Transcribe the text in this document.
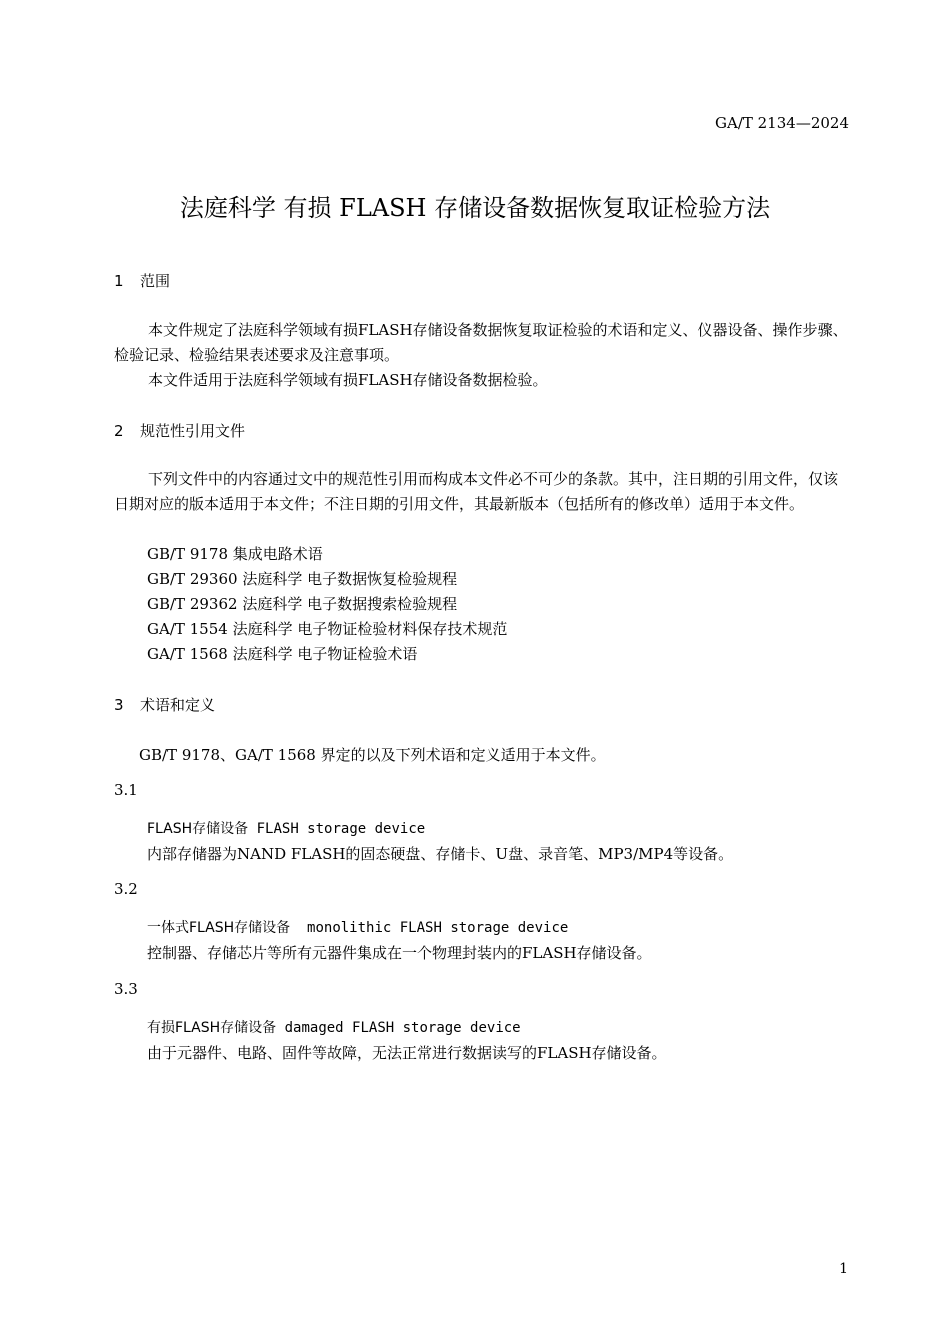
GA/T 2134—2024
法庭科学 有损 FLASH 存储设备数据恢复取证检验方法
1 范围
本文件规定了法庭科学领域有损FLASH存储设备数据恢复取证检验的术语和定义、仪器设备、操作步骤、检验记录、检验结果表述要求及注意事项。
本文件适用于法庭科学领域有损FLASH存储设备数据检验。
2 规范性引用文件
下列文件中的内容通过文中的规范性引用而构成本文件必不可少的条款。其中，注日期的引用文件，仅该日期对应的版本适用于本文件；不注日期的引用文件，其最新版本（包括所有的修改单）适用于本文件。
GB/T 9178 集成电路术语
GB/T 29360 法庭科学 电子数据恢复检验规程
GB/T 29362 法庭科学 电子数据搜索检验规程
GA/T 1554 法庭科学 电子物证检验材料保存技术规范
GA/T 1568 法庭科学 电子物证检验术语
3 术语和定义
GB/T 9178、GA/T 1568 界定的以及下列术语和定义适用于本文件。
3.1
FLASH存储设备 FLASH storage device
内部存储器为NAND FLASH的固态硬盘、存储卡、U盘、录音笔、MP3/MP4等设备。
3.2
一体式FLASH存储设备 monolithic FLASH storage device
控制器、存储芯片等所有元器件集成在一个物理封装内的FLASH存储设备。
3.3
有损FLASH存储设备 damaged FLASH storage device
由于元器件、电路、固件等故障，无法正常进行数据读写的FLASH存储设备。
1
